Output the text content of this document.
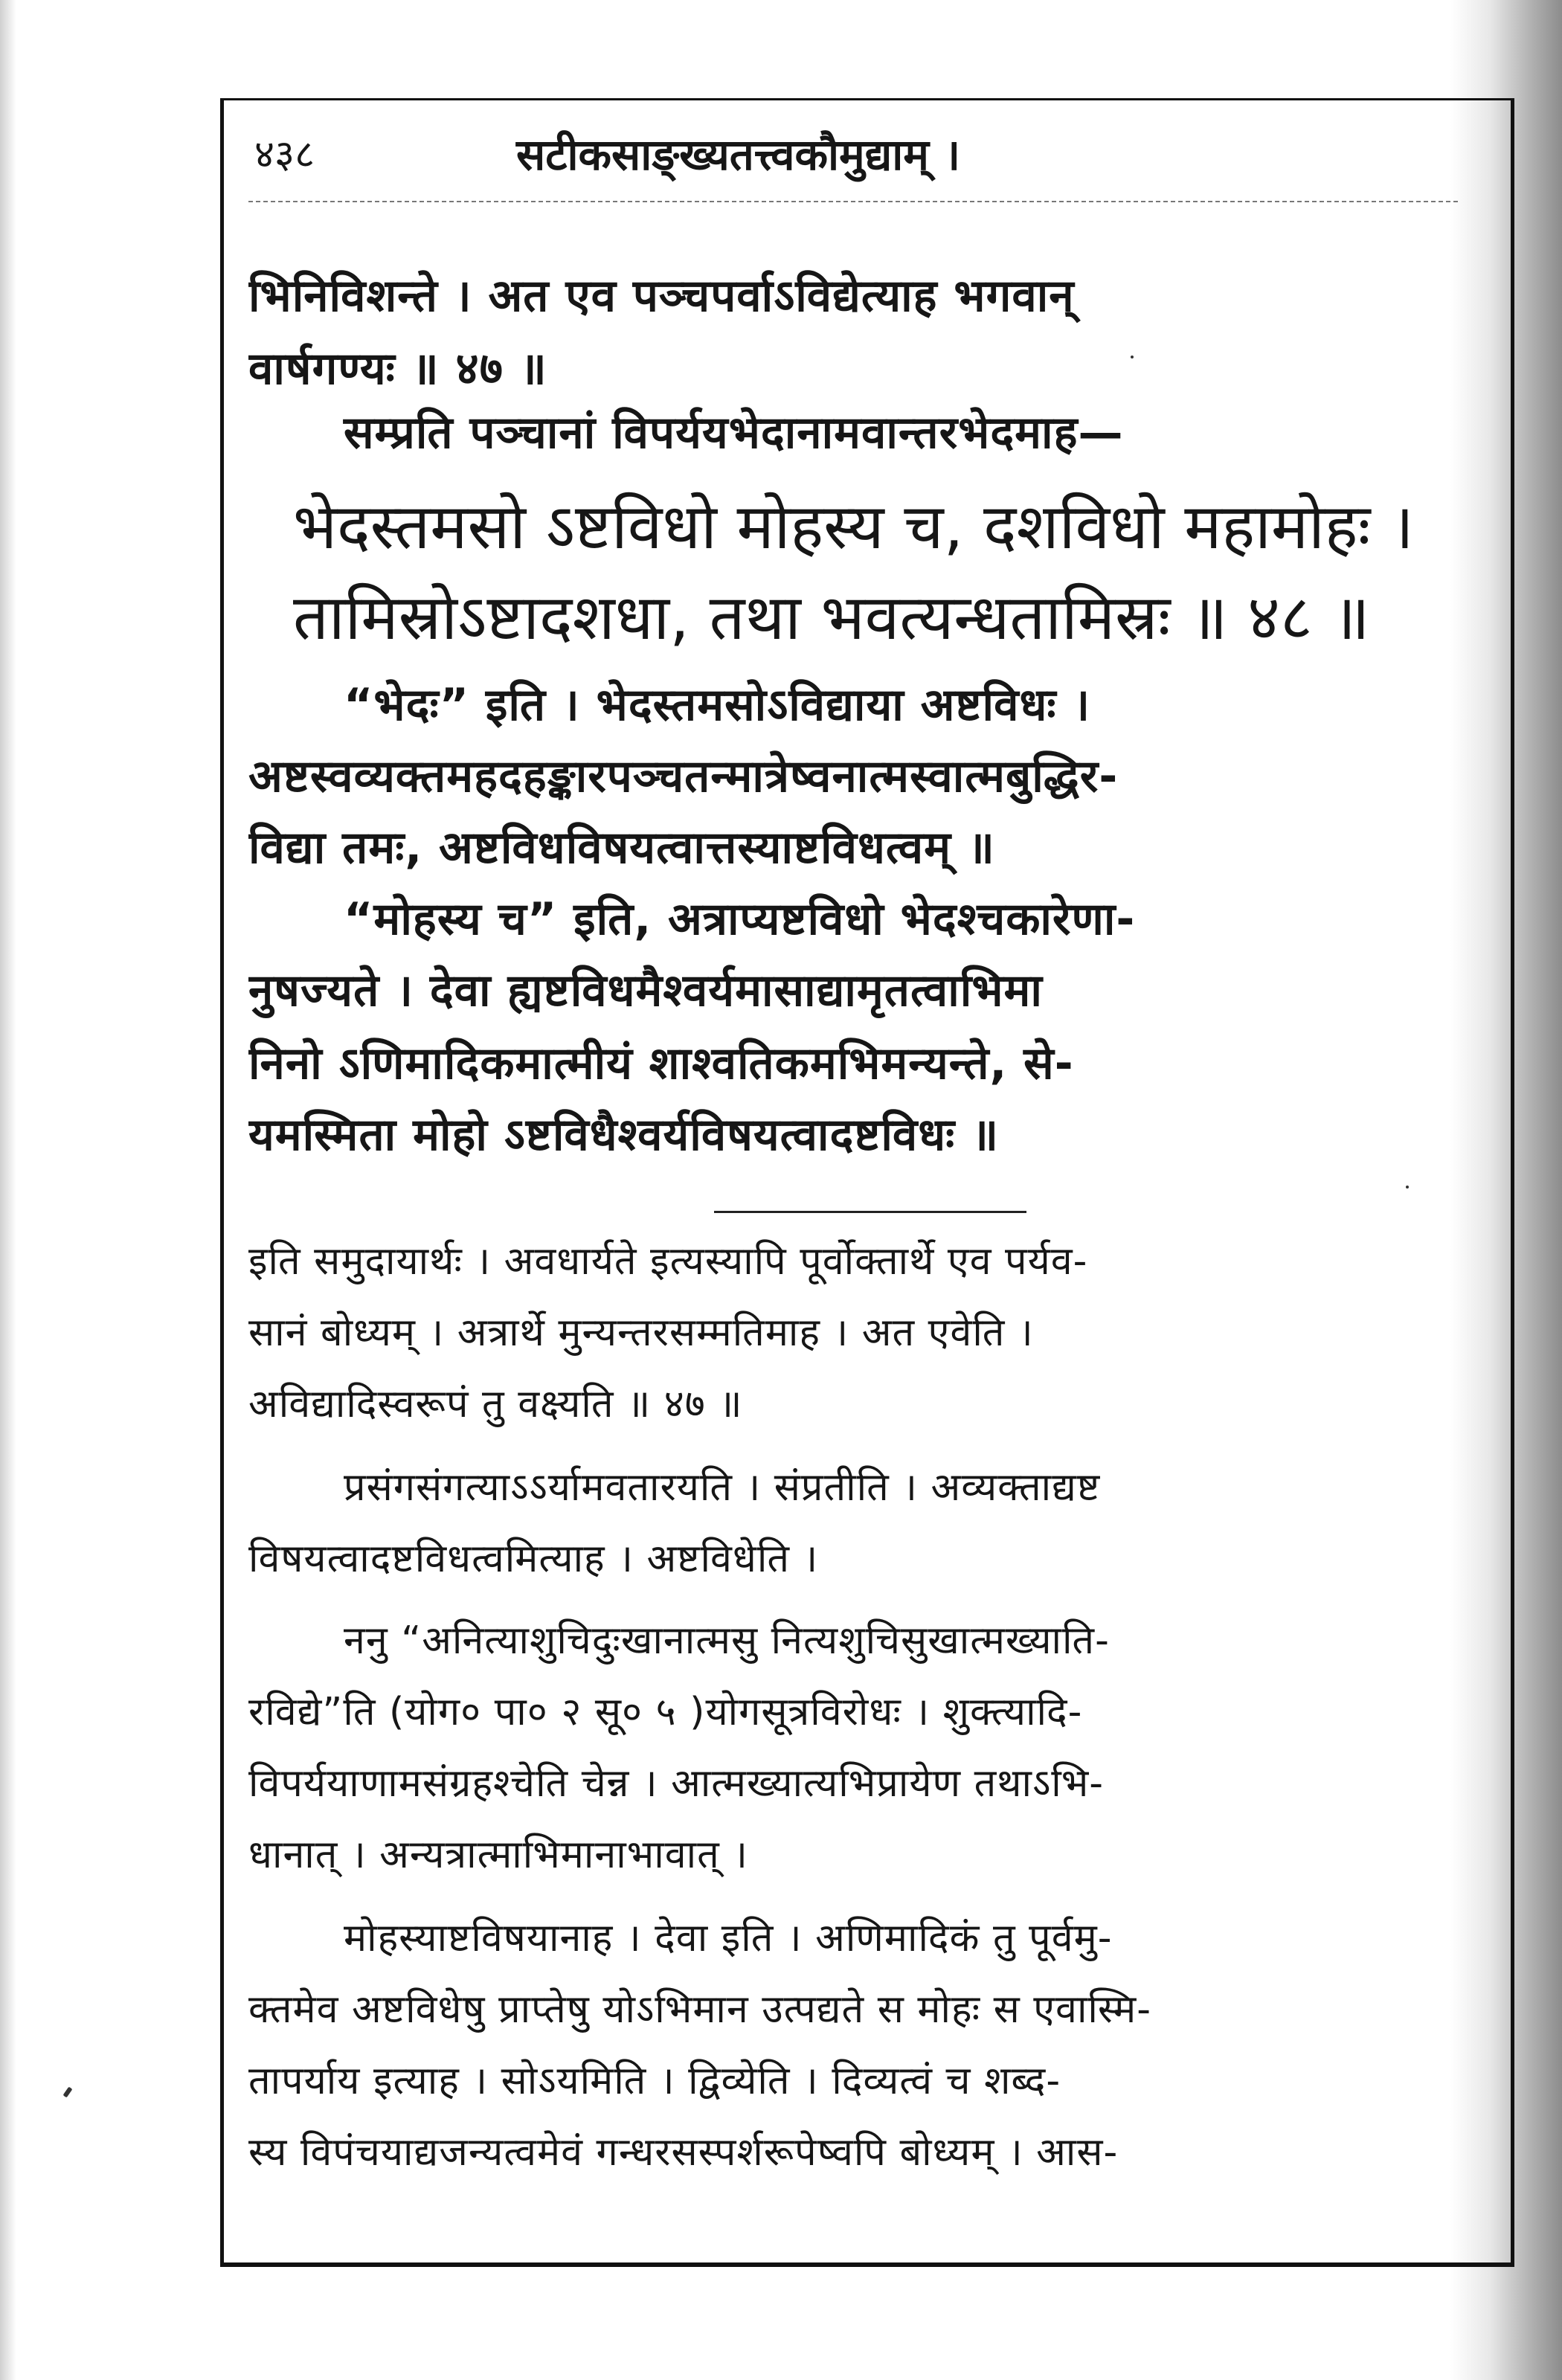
४३८	सटीकसाङ्ख्यतत्त्वकौमुद्याम् ।
भिनिविशन्ते । अत एव पञ्चपर्वाऽविद्येत्याह भगवान्
वार्षगण्यः ॥ ४७ ॥
सम्प्रति पञ्चानां विपर्ययभेदानामवान्तरभेदमाह—
भेदस्तमसो ऽष्टविधो मोहस्य च, दशविधो महामोहः ।
तामिस्रोऽष्टादशधा, तथा भवत्यन्धतामिस्रः ॥ ४८ ॥
“भेदः” इति । भेदस्तमसोऽविद्याया अष्टविधः ।
अष्टस्वव्यक्तमहदहङ्कारपञ्चतन्मात्रेष्वनात्मस्वात्मबुद्धिर-
विद्या तमः, अष्टविधविषयत्वात्तस्याष्टविधत्वम् ॥
“मोहस्य च” इति, अत्राप्यष्टविधो भेदश्चकारेणा-
नुषज्यते । देवा ह्यष्टविधमैश्वर्यमासाद्यामृतत्वाभिमा
निनो ऽणिमादिकमात्मीयं शाश्वतिकमभिमन्यन्ते, से-
यमस्मिता मोहो ऽष्टविधैश्वर्यविषयत्वादष्टविधः ॥
इति समुदायार्थः । अवधार्यते इत्यस्यापि पूर्वोक्तार्थे एव पर्यव-
सानं बोध्यम् । अत्रार्थे मुन्यन्तरसम्मतिमाह । अत एवेति ।
अविद्यादिस्वरूपं तु वक्ष्यति ॥ ४७ ॥
प्रसंगसंगत्याऽऽर्यामवतारयति । संप्रतीति । अव्यक्ताद्यष्ट
विषयत्वादष्टविधत्वमित्याह । अष्टविधेति ।
ननु “अनित्याशुचिदुःखानात्मसु नित्यशुचिसुखात्मख्याति-
रविद्ये”ति (योग० पा० २ सू० ५ )योगसूत्रविरोधः । शुक्त्यादि-
विपर्ययाणामसंग्रहश्चेति चेन्न । आत्मख्यात्यभिप्रायेण तथाऽभि-
धानात् । अन्यत्रात्माभिमानाभावात् ।
मोहस्याष्टविषयानाह । देवा इति । अणिमादिकं तु पूर्वमु-
क्तमेव अष्टविधेषु प्राप्तेषु योऽभिमान उत्पद्यते स मोहः स एवास्मि-
तापर्याय इत्याह । सोऽयमिति । द्विव्येति । दिव्यत्वं च शब्द-
स्य विपंचयाद्यजन्यत्वमेवं गन्धरसस्पर्शरूपेष्वपि बोध्यम् । आस-
